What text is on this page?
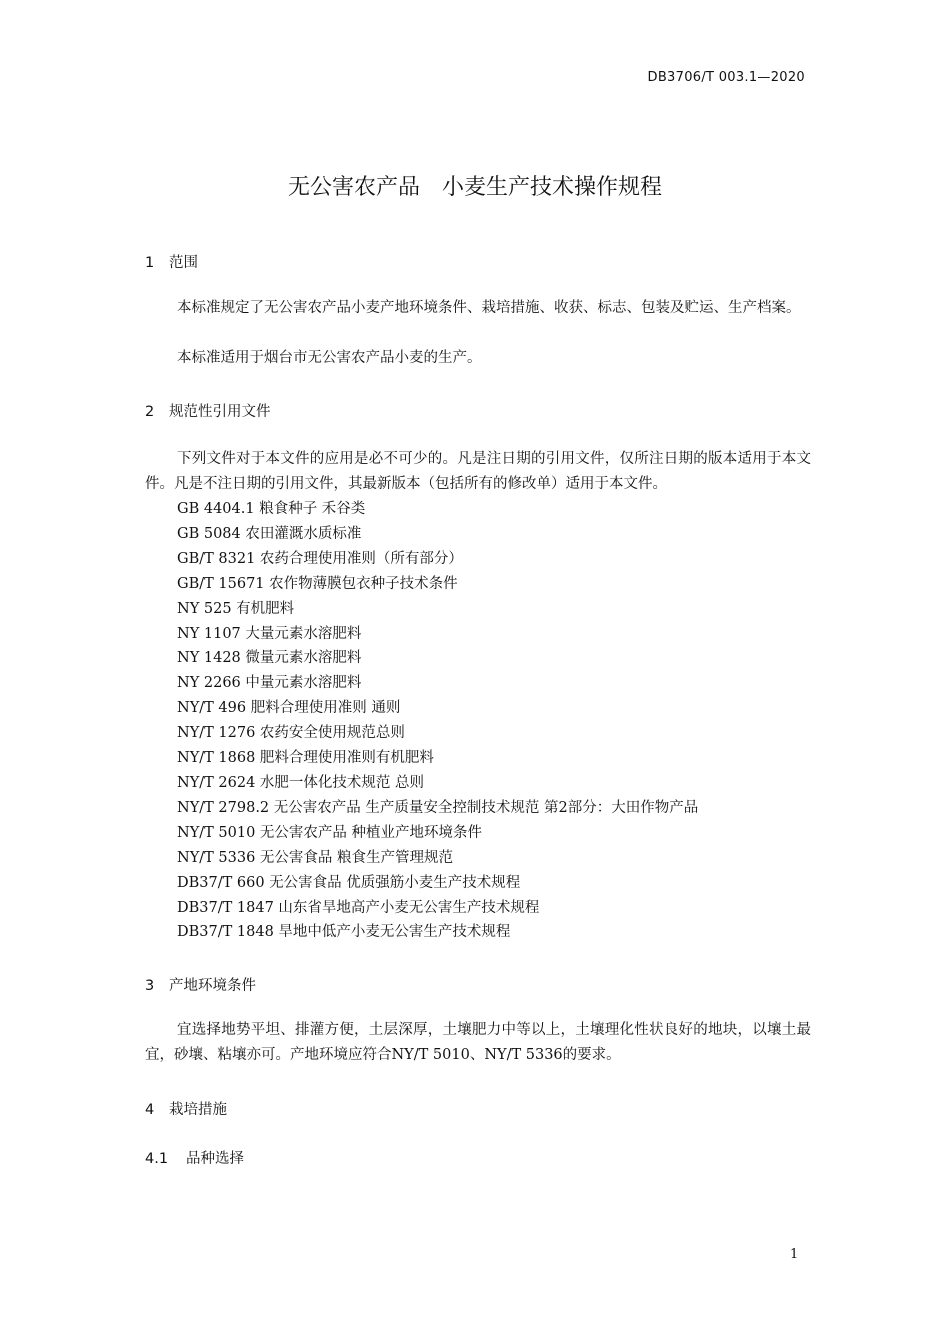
DB3706/T 003.1—2020
无公害农产品　小麦生产技术操作规程
1 范围

本标准规定了无公害农产品小麦产地环境条件、栽培措施、收获、标志、包装及贮运、生产档案。

本标准适用于烟台市无公害农产品小麦的生产。

2 规范性引用文件

下列文件对于本文件的应用是必不可少的。凡是注日期的引用文件，仅所注日期的版本适用于本文件。凡是不注日期的引用文件，其最新版本（包括所有的修改单）适用于本文件。

GB 4404.1 粮食种子 禾谷类
GB 5084 农田灌溉水质标准
GB/T 8321 农药合理使用准则（所有部分）
GB/T 15671 农作物薄膜包衣种子技术条件
NY 525 有机肥料
NY 1107 大量元素水溶肥料
NY 1428 微量元素水溶肥料
NY 2266 中量元素水溶肥料
NY/T 496 肥料合理使用准则 通则
NY/T 1276 农药安全使用规范总则
NY/T 1868 肥料合理使用准则有机肥料
NY/T 2624 水肥一体化技术规范 总则
NY/T 2798.2 无公害农产品 生产质量安全控制技术规范 第2部分：大田作物产品
NY/T 5010 无公害农产品 种植业产地环境条件
NY/T 5336 无公害食品 粮食生产管理规范
DB37/T 660 无公害食品 优质强筋小麦生产技术规程
DB37/T 1847 山东省旱地高产小麦无公害生产技术规程
DB37/T 1848 旱地中低产小麦无公害生产技术规程
3 产地环境条件

宜选择地势平坦、排灌方便，土层深厚，土壤肥力中等以上，土壤理化性状良好的地块，以壤土最宜，砂壤、粘壤亦可。产地环境应符合NY/T 5010、NY/T 5336的要求。

4 栽培措施
4.1 品种选择
1
